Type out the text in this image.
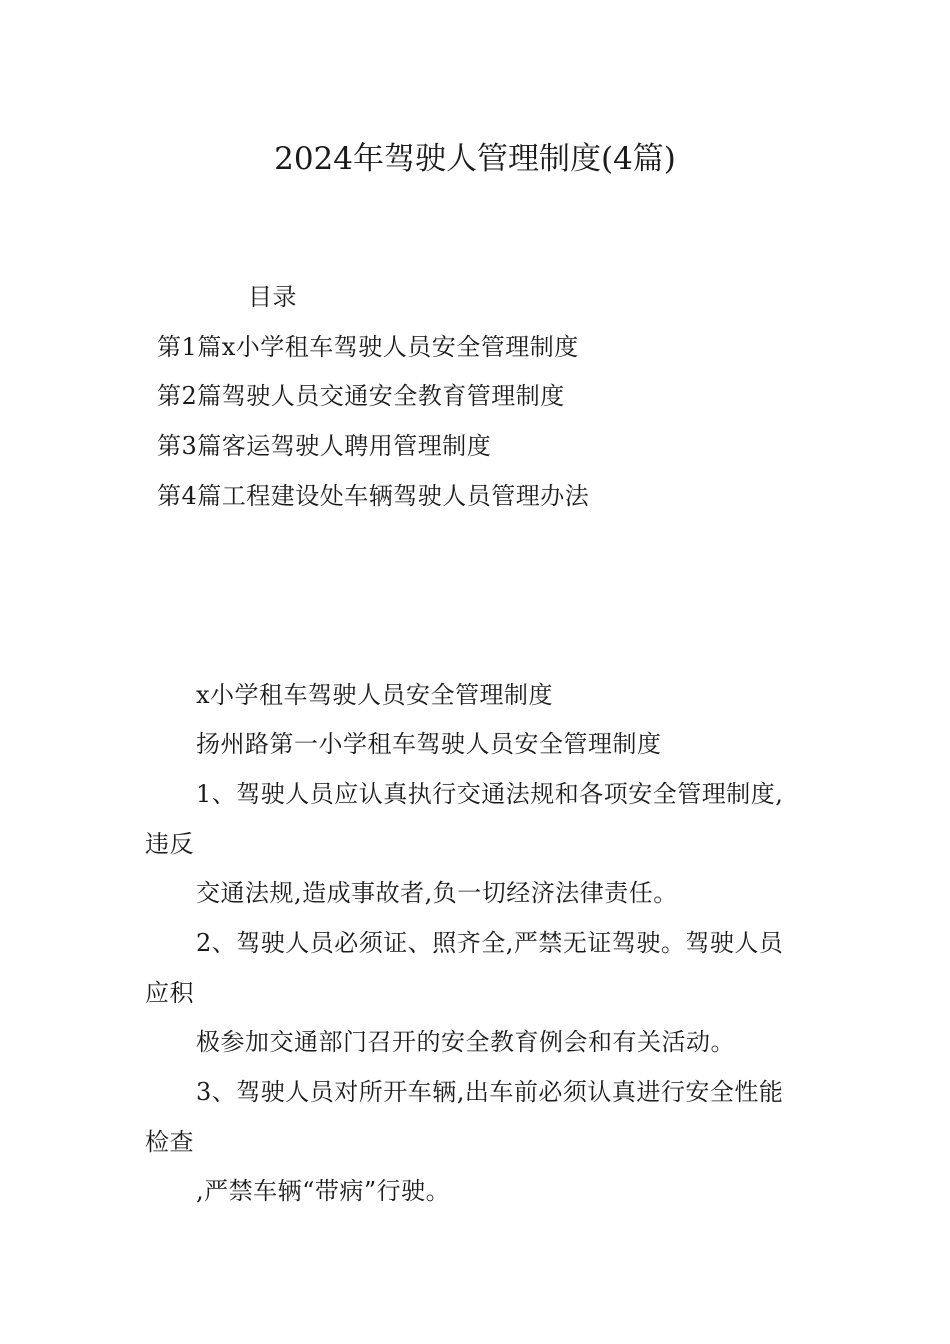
2024年驾驶人管理制度(4篇)
目录
第1篇x小学租车驾驶人员安全管理制度
第2篇驾驶人员交通安全教育管理制度
第3篇客运驾驶人聘用管理制度
第4篇工程建设处车辆驾驶人员管理办法
x小学租车驾驶人员安全管理制度
扬州路第一小学租车驾驶人员安全管理制度
1、驾驶人员应认真执行交通法规和各项安全管理制度,
违反
交通法规,造成事故者,负一切经济法律责任。
2、驾驶人员必须证、照齐全,严禁无证驾驶。驾驶人员
应积
极参加交通部门召开的安全教育例会和有关活动。
3、驾驶人员对所开车辆,出车前必须认真进行安全性能
检查
,严禁车辆“带病”行驶。
